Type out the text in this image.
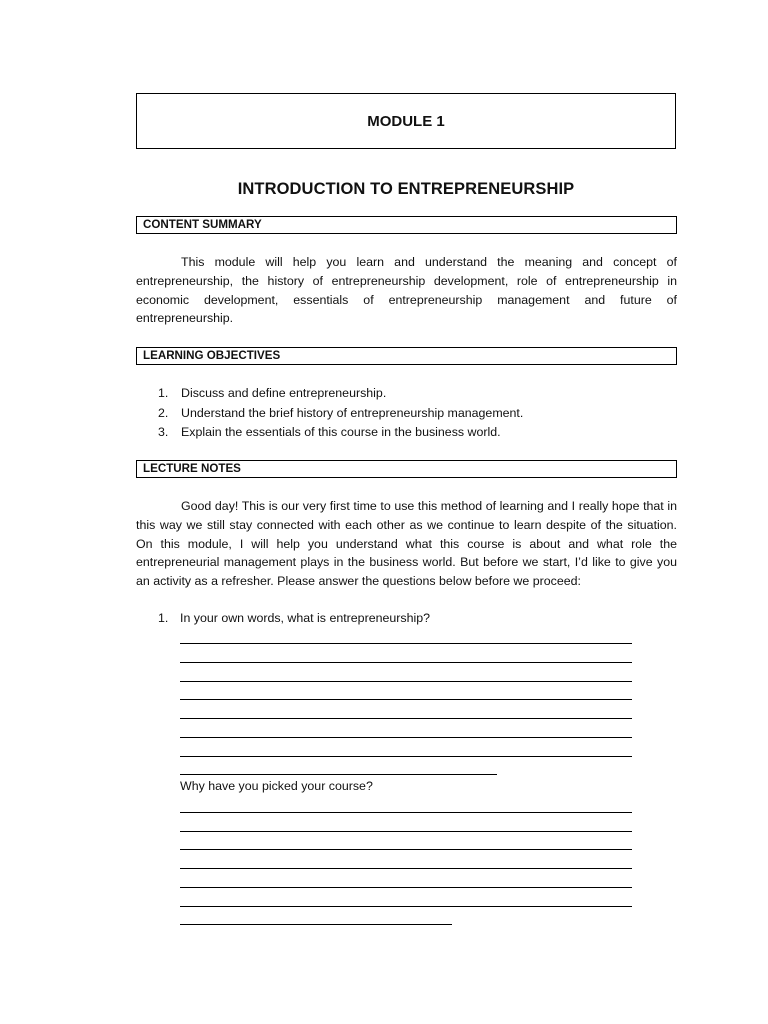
MODULE 1
INTRODUCTION TO ENTREPRENEURSHIP
CONTENT SUMMARY

This module will help you learn and understand the meaning and concept of entrepreneurship, the history of entrepreneurship development, role of entrepreneurship in economic development, essentials of entrepreneurship management and future of entrepreneurship.

LEARNING OBJECTIVES
1.	Discuss and define entrepreneurship.
2.	Understand the brief history of entrepreneurship management.
3.	Explain the essentials of this course in the business world.
LECTURE NOTES

Good day! This is our very first time to use this method of learning and I really hope that in this way we still stay connected with each other as we continue to learn despite of the situation. On this module, I will help you understand what this course is about and what role the entrepreneurial management plays in the business world. But before we start, I’d like to give you an activity as a refresher. Please answer the questions below before we proceed:

1. In your own words, what is entrepreneurship?
Why have you picked your course?
